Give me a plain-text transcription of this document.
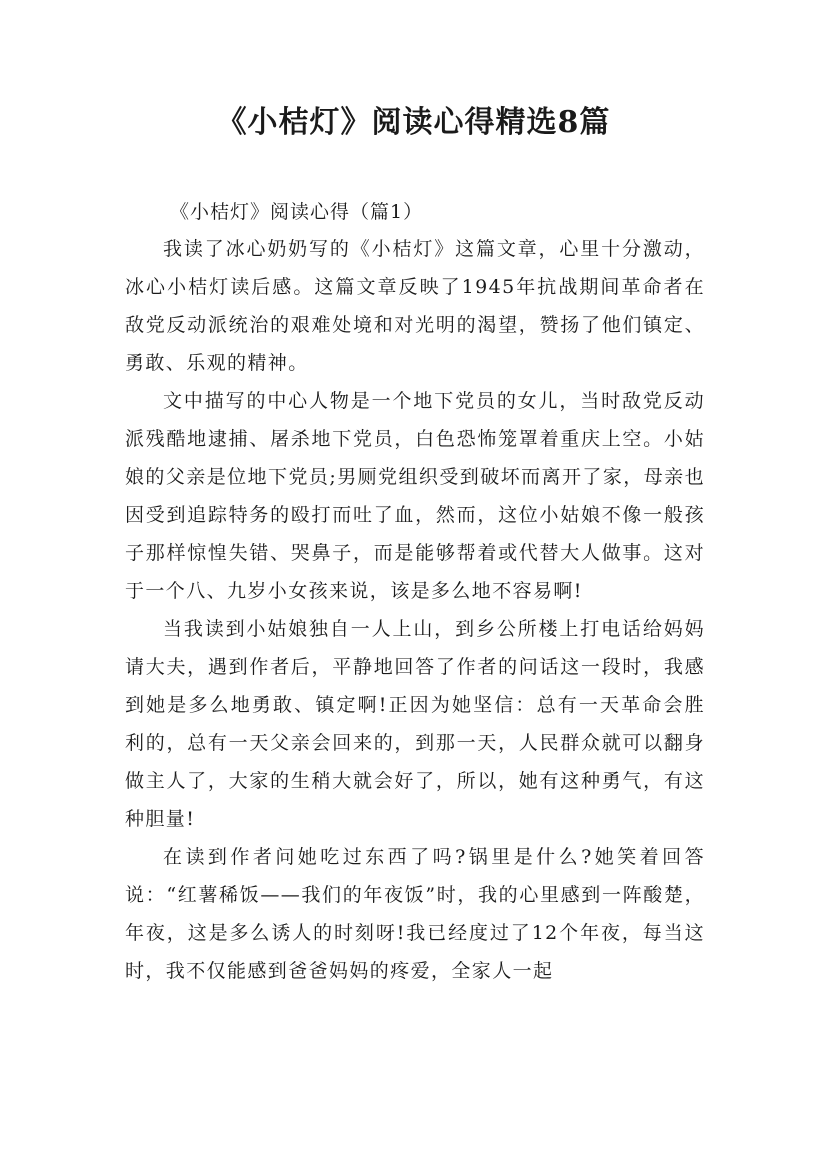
《小桔灯》阅读心得精选8篇
《小桔灯》阅读心得（篇1）

我读了冰心奶奶写的《小桔灯》这篇文章，心里十分激动，冰心小桔灯读后感。这篇文章反映了1945年抗战期间革命者在敌党反动派统治的艰难处境和对光明的渴望，赞扬了他们镇定、勇敢、乐观的精神。

文中描写的中心人物是一个地下党员的女儿，当时敌党反动派残酷地逮捕、屠杀地下党员，白色恐怖笼罩着重庆上空。小姑娘的父亲是位地下党员;男厕党组织受到破坏而离开了家，母亲也因受到追踪特务的殴打而吐了血，然而，这位小姑娘不像一般孩子那样惊惶失错、哭鼻子，而是能够帮着或代替大人做事。这对于一个八、九岁小女孩来说，该是多么地不容易啊!

当我读到小姑娘独自一人上山，到乡公所楼上打电话给妈妈请大夫，遇到作者后，平静地回答了作者的问话这一段时，我感到她是多么地勇敢、镇定啊!正因为她坚信：总有一天革命会胜利的，总有一天父亲会回来的，到那一天，人民群众就可以翻身做主人了，大家的生稍大就会好了，所以，她有这种勇气，有这种胆量!

在读到作者问她吃过东西了吗?锅里是什么?她笑着回答说：“红薯稀饭——我们的年夜饭”时，我的心里感到一阵酸楚，年夜，这是多么诱人的时刻呀!我已经度过了12个年夜，每当这时，我不仅能感到爸爸妈妈的疼爱，全家人一起
